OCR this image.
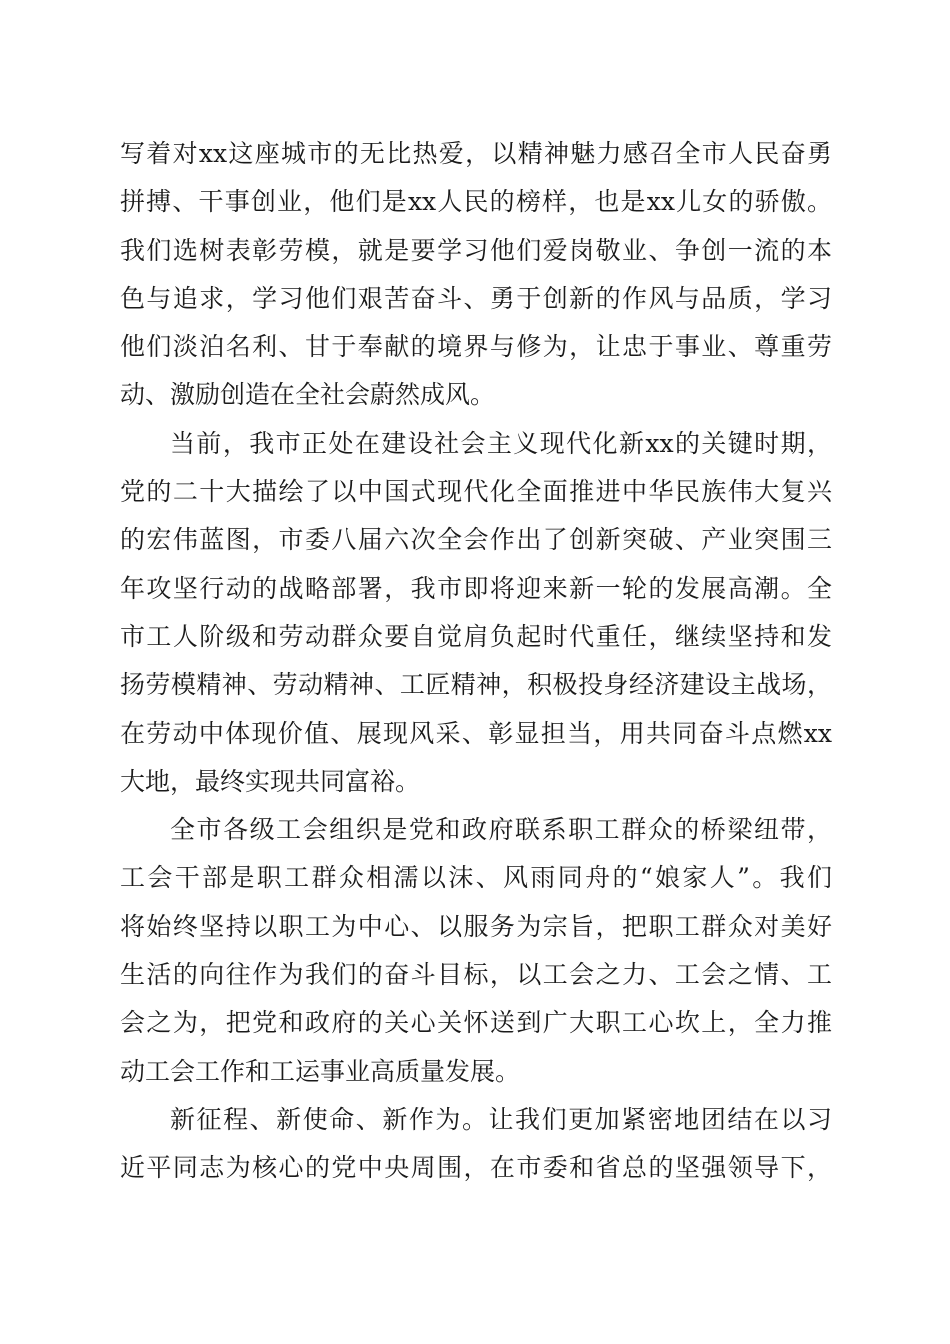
写着对xx这座城市的无比热爱，以精神魅力感召全市人民奋勇
拼搏、干事创业，他们是xx人民的榜样，也是xx儿女的骄傲。
我们选树表彰劳模，就是要学习他们爱岗敬业、争创一流的本
色与追求，学习他们艰苦奋斗、勇于创新的作风与品质，学习
他们淡泊名利、甘于奉献的境界与修为，让忠于事业、尊重劳
动、激励创造在全社会蔚然成风。
当前，我市正处在建设社会主义现代化新xx的关键时期，
党的二十大描绘了以中国式现代化全面推进中华民族伟大复兴
的宏伟蓝图，市委八届六次全会作出了创新突破、产业突围三
年攻坚行动的战略部署，我市即将迎来新一轮的发展高潮。全
市工人阶级和劳动群众要自觉肩负起时代重任，继续坚持和发
扬劳模精神、劳动精神、工匠精神，积极投身经济建设主战场，
在劳动中体现价值、展现风采、彰显担当，用共同奋斗点燃xx
大地，最终实现共同富裕。
全市各级工会组织是党和政府联系职工群众的桥梁纽带，
工会干部是职工群众相濡以沫、风雨同舟的“娘家人”。我们
将始终坚持以职工为中心、以服务为宗旨，把职工群众对美好
生活的向往作为我们的奋斗目标，以工会之力、工会之情、工
会之为，把党和政府的关心关怀送到广大职工心坎上，全力推
动工会工作和工运事业高质量发展。
新征程、新使命、新作为。让我们更加紧密地团结在以习
近平同志为核心的党中央周围，在市委和省总的坚强领导下，
